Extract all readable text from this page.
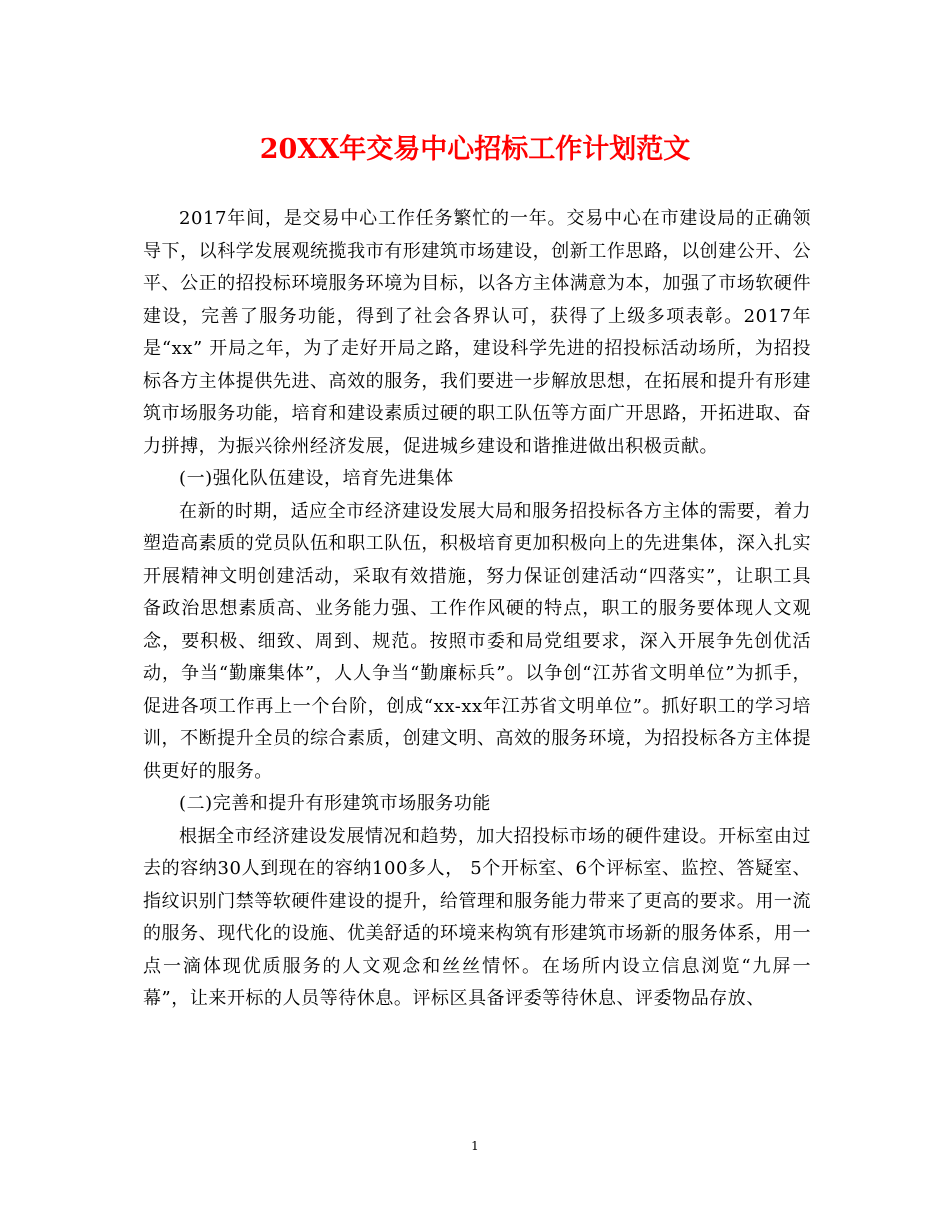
20XX年交易中心招标工作计划范文

2017年间，是交易中心工作任务繁忙的一年。交易中心在市建设局的正确领导下，以科学发展观统揽我市有形建筑市场建设，创新工作思路，以创建公开、公平、公正的招投标环境服务环境为目标，以各方主体满意为本，加强了市场软硬件建设，完善了服务功能，得到了社会各界认可，获得了上级多项表彰。2017年是“xx” 开局之年，为了走好开局之路，建设科学先进的招投标活动场所，为招投标各方主体提供先进、高效的服务，我们要进一步解放思想，在拓展和提升有形建筑市场服务功能，培育和建设素质过硬的职工队伍等方面广开思路，开拓进取、奋力拼搏，为振兴徐州经济发展，促进城乡建设和谐推进做出积极贡献。

(一)强化队伍建设，培育先进集体

在新的时期，适应全市经济建设发展大局和服务招投标各方主体的需要，着力塑造高素质的党员队伍和职工队伍，积极培育更加积极向上的先进集体，深入扎实开展精神文明创建活动，采取有效措施，努力保证创建活动“四落实”，让职工具备政治思想素质高、业务能力强、工作作风硬的特点，职工的服务要体现人文观念，要积极、细致、周到、规范。按照市委和局党组要求，深入开展争先创优活动，争当“勤廉集体”，人人争当“勤廉标兵”。以争创“江苏省文明单位”为抓手，促进各项工作再上一个台阶，创成“xx-xx年江苏省文明单位”。抓好职工的学习培训，不断提升全员的综合素质，创建文明、高效的服务环境，为招投标各方主体提供更好的服务。

(二)完善和提升有形建筑市场服务功能

根据全市经济建设发展情况和趋势，加大招投标市场的硬件建设。开标室由过去的容纳30人到现在的容纳100多人， 5个开标室、6个评标室、监控、答疑室、指纹识别门禁等软硬件建设的提升，给管理和服务能力带来了更高的要求。用一流的服务、现代化的设施、优美舒适的环境来构筑有形建筑市场新的服务体系，用一点一滴体现优质服务的人文观念和丝丝情怀。在场所内设立信息浏览“九屏一幕”，让来开标的人员等待休息。评标区具备评委等待休息、评委物品存放、

1
